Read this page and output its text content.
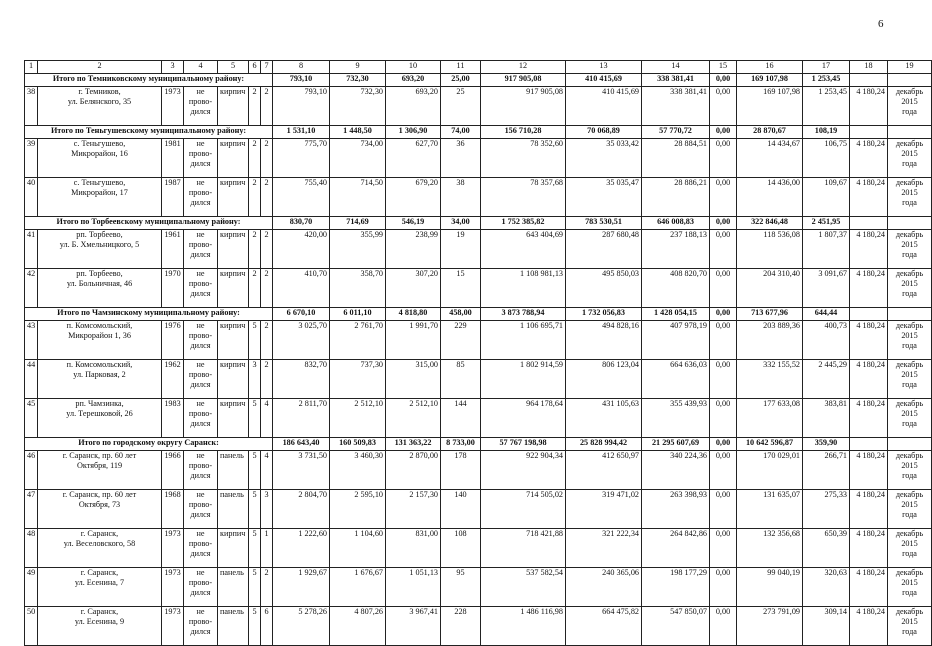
6
1	2	3	4	5	6	7	8	9	10	11	12	13	14	15	16	17	18	19
Итого по Темниковскому муниципальному району:							793,10	732,30	693,20	25,00	917 905,08	410 415,69	338 381,41	0,00	169 107,98	1 253,45		
38	г. Темников,
ул. Белянского, 35	1973	не
прово-
дился	кирпич	2	2	793,10	732,30	693,20	25	917 905,08	410 415,69	338 381,41	0,00	169 107,98	1 253,45	4 180,24	декабрь
2015
года
Итого по Теньгушевскому муниципальному району:							1 531,10	1 448,50	1 306,90	74,00	156 710,28	70 068,89	57 770,72	0,00	28 870,67	108,19		
39	с. Теньгушево,
Микрорайон, 16	1981	не
прово-
дился	кирпич	2	2	775,70	734,00	627,70	36	78 352,60	35 033,42	28 884,51	0,00	14 434,67	106,75	4 180,24	декабрь
2015
года
40	с. Теньгушево,
Микрорайон, 17	1987	не
прово-
дился	кирпич	2	2	755,40	714,50	679,20	38	78 357,68	35 035,47	28 886,21	0,00	14 436,00	109,67	4 180,24	декабрь
2015
года
Итого по Торбеевскому муниципальному району:							830,70	714,69	546,19	34,00	1 752 385,82	783 530,51	646 008,83	0,00	322 846,48	2 451,95		
41	рп. Торбеево,
ул. Б. Хмельницкого, 5	1961	не
прово-
дился	кирпич	2	2	420,00	355,99	238,99	19	643 404,69	287 680,48	237 188,13	0,00	118 536,08	1 807,37	4 180,24	декабрь
2015
года
42	рп. Торбеево,
ул. Больничная, 46	1970	не
прово-
дился	кирпич	2	2	410,70	358,70	307,20	15	1 108 981,13	495 850,03	408 820,70	0,00	204 310,40	3 091,67	4 180,24	декабрь
2015
года
Итого по Чамзинскому муниципальному району:							6 670,10	6 011,10	4 818,80	458,00	3 873 788,94	1 732 056,83	1 428 054,15	0,00	713 677,96	644,44		
43	п. Комсомольский,
Микрорайон 1, 36	1976	не
прово-
дился	кирпич	5	2	3 025,70	2 761,70	1 991,70	229	1 106 695,71	494 828,16	407 978,19	0,00	203 889,36	400,73	4 180,24	декабрь
2015
года
44	п. Комсомольский,
ул. Парковая, 2	1962	не
прово-
дился	кирпич	3	2	832,70	737,30	315,00	85	1 802 914,59	806 123,04	664 636,03	0,00	332 155,52	2 445,29	4 180,24	декабрь
2015
года
45	рп. Чамзинка,
ул. Терешковой, 26	1983	не
прово-
дился	кирпич	5	4	2 811,70	2 512,10	2 512,10	144	964 178,64	431 105,63	355 439,93	0,00	177 633,08	383,81	4 180,24	декабрь
2015
года
Итого по городскому округу Саранск:							186 643,40	160 509,83	131 363,22	8 733,00	57 767 198,98	25 828 994,42	21 295 607,69	0,00	10 642 596,87	359,90		
46	г. Саранск, пр. 60 лет
Октября, 119	1966	не
прово-
дился	панель	5	4	3 731,50	3 460,30	2 870,00	178	922 904,34	412 650,97	340 224,36	0,00	170 029,01	266,71	4 180,24	декабрь
2015
года
47	г. Саранск, пр. 60 лет
Октября, 73	1968	не
прово-
дился	панель	5	3	2 804,70	2 595,10	2 157,30	140	714 505,02	319 471,02	263 398,93	0,00	131 635,07	275,33	4 180,24	декабрь
2015
года
48	г. Саранск,
ул. Веселовского, 58	1973	не
прово-
дился	кирпич	5	1	1 222,60	1 104,60	831,00	108	718 421,88	321 222,34	264 842,86	0,00	132 356,68	650,39	4 180,24	декабрь
2015
года
49	г. Саранск,
ул. Есенина, 7	1973	не
прово-
дился	панель	5	2	1 929,67	1 676,67	1 051,13	95	537 582,54	240 365,06	198 177,29	0,00	99 040,19	320,63	4 180,24	декабрь
2015
года
50	г. Саранск,
ул. Есенина, 9	1973	не
прово-
дился	панель	5	6	5 278,26	4 807,26	3 967,41	228	1 486 116,98	664 475,82	547 850,07	0,00	273 791,09	309,14	4 180,24	декабрь
2015
года
